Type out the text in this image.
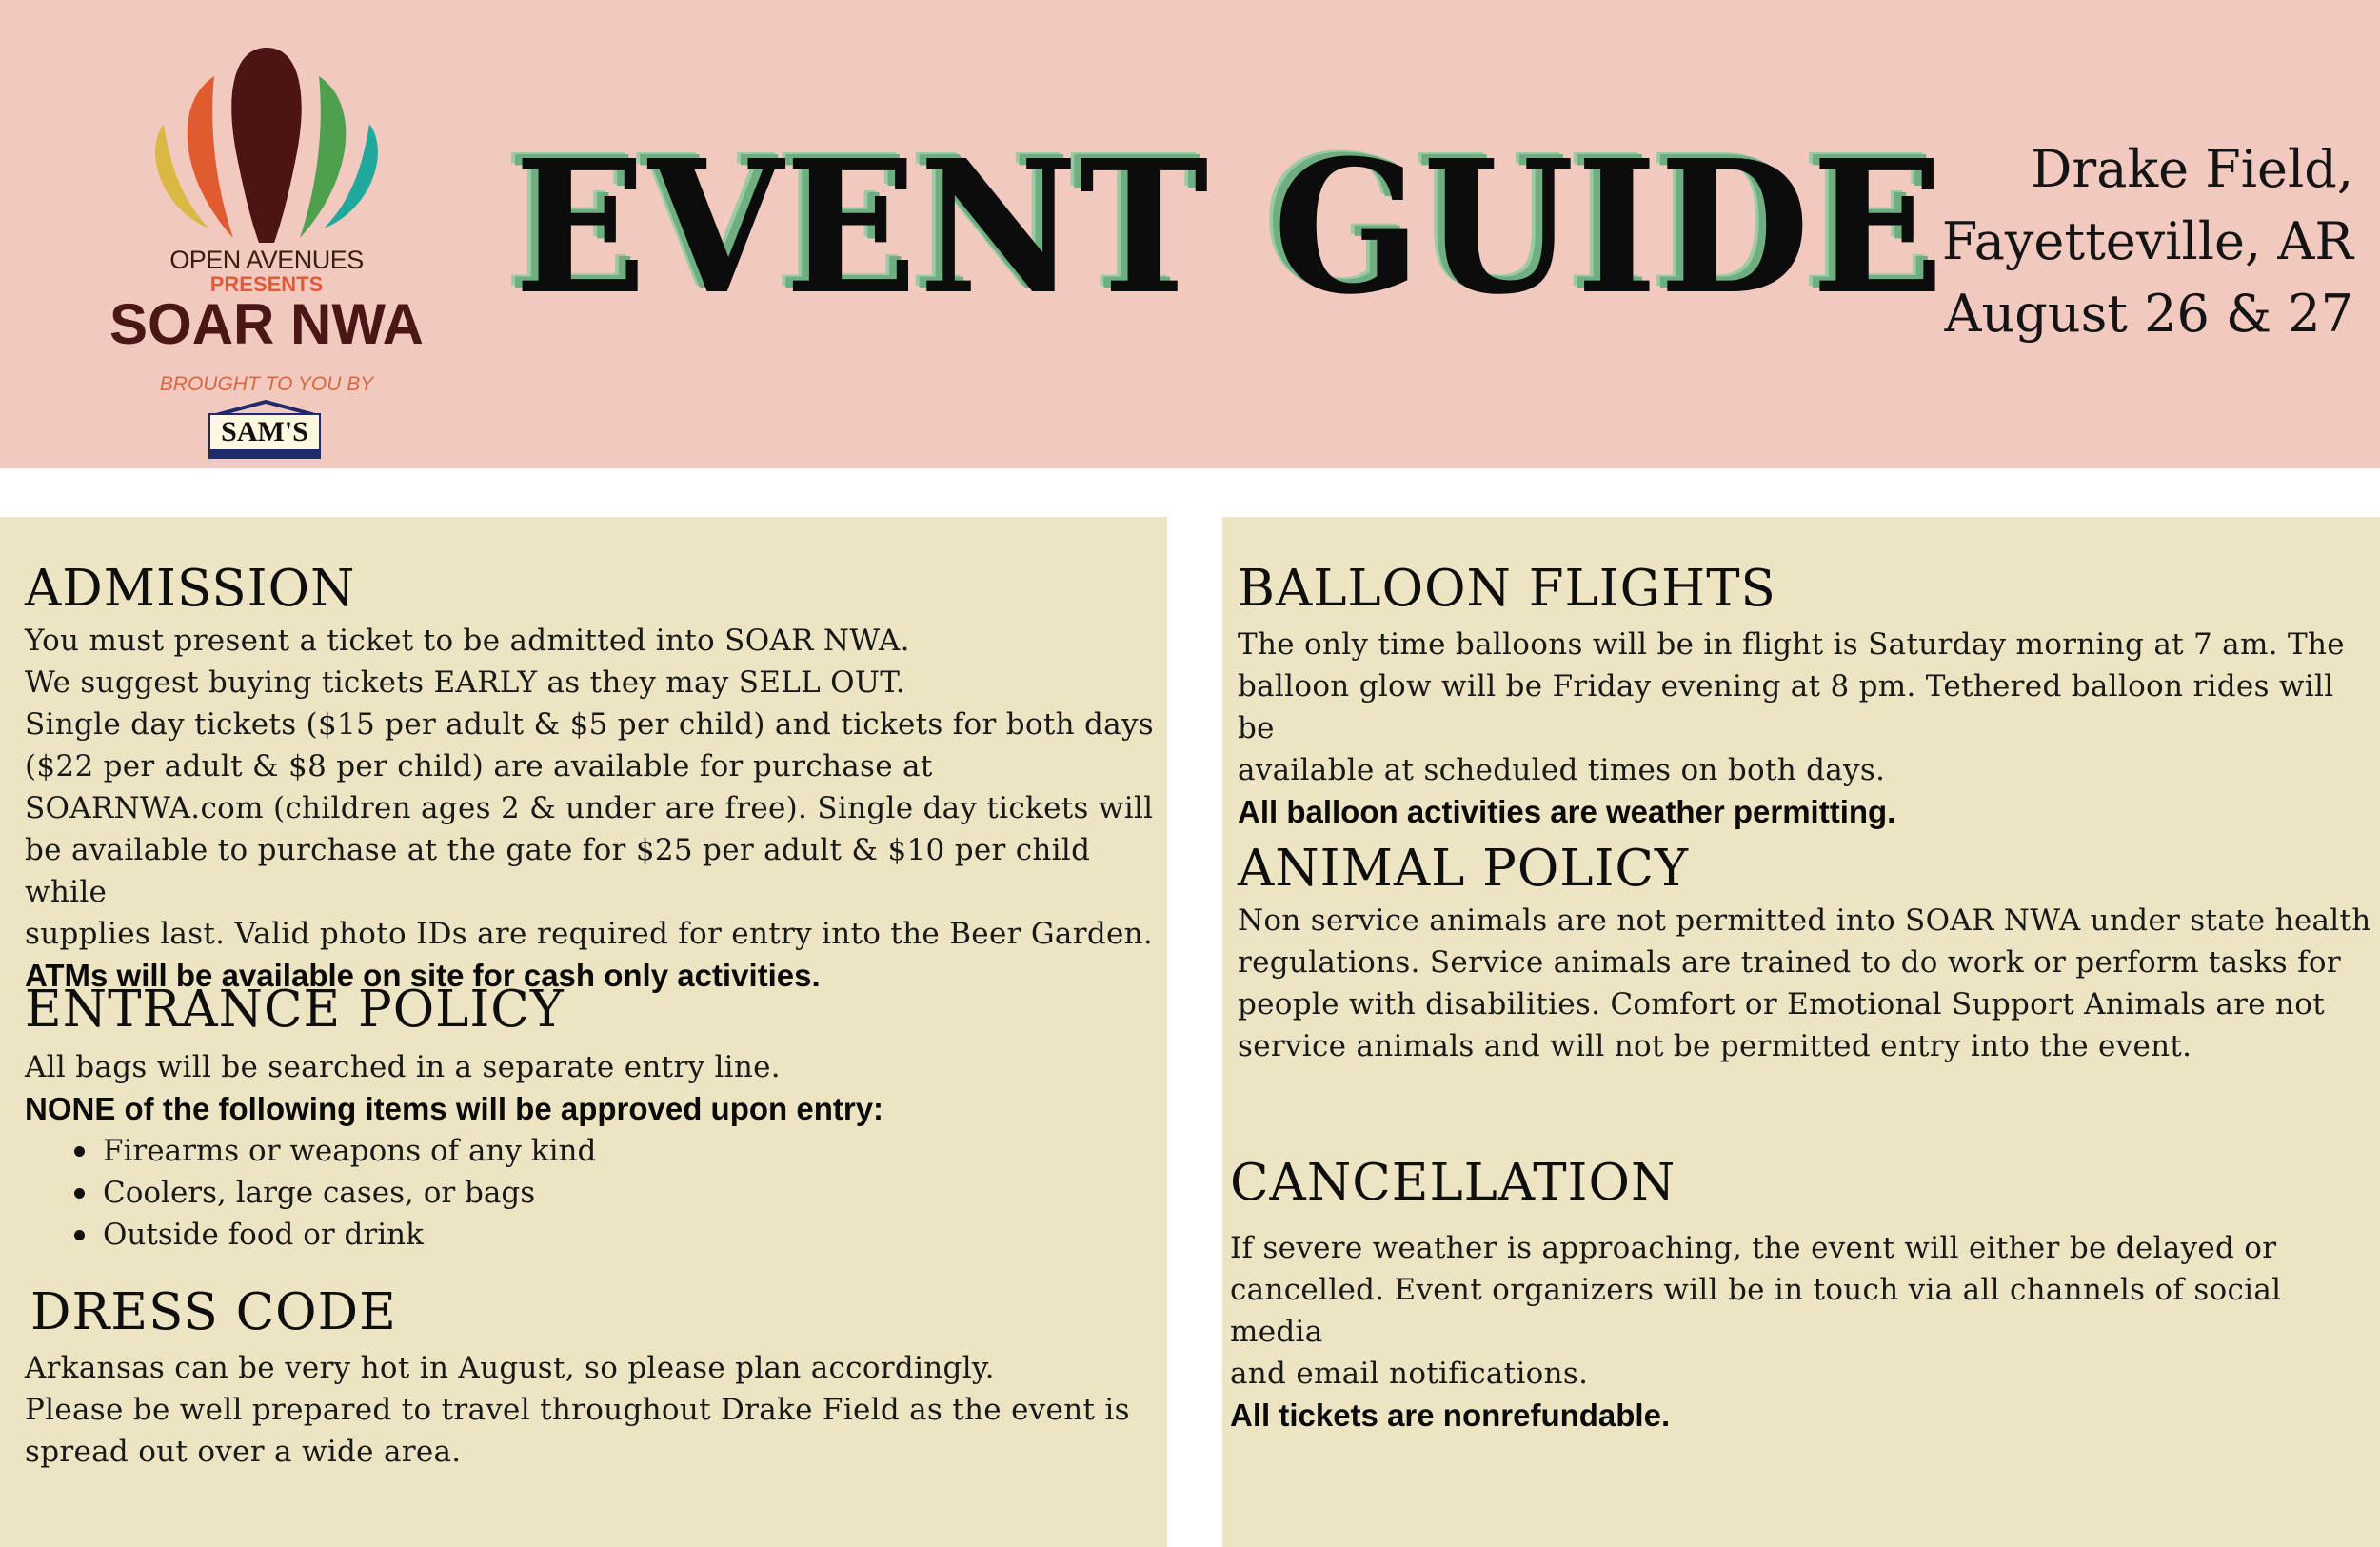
OPEN AVENUES
PRESENTS
SOAR NWA
BROUGHT TO YOU BY
SAM'S
EVENT GUIDE	Drake Field,
Fayetteville, AR
August 26 & 27
ADMISSION
You must present a ticket to be admitted into SOAR NWA.
We suggest buying tickets EARLY as they may SELL OUT.
Single day tickets ($15 per adult & $5 per child) and tickets for both days
($22 per adult & $8 per child) are available for purchase at
SOARNWA.com (children ages 2 & under are free). Single day tickets will
be available to purchase at the gate for $25 per adult & $10 per child while
supplies last. Valid photo IDs are required for entry into the Beer Garden.
ATMs will be available on site for cash only activities.
ENTRANCE POLICY
All bags will be searched in a separate entry line.
NONE of the following items will be approved upon entry:
Firearms or weapons of any kind
Coolers, large cases, or bags
Outside food or drink
DRESS CODE
Arkansas can be very hot in August, so please plan accordingly.
Please be well prepared to travel throughout Drake Field as the event is
spread out over a wide area.
BALLOON FLIGHTS
The only time balloons will be in flight is Saturday morning at 7 am. The
balloon glow will be Friday evening at 8 pm. Tethered balloon rides will be
available at scheduled times on both days.
All balloon activities are weather permitting.
ANIMAL POLICY
Non service animals are not permitted into SOAR NWA under state health
regulations. Service animals are trained to do work or perform tasks for
people with disabilities. Comfort or Emotional Support Animals are not
service animals and will not be permitted entry into the event.
CANCELLATION
If severe weather is approaching, the event will either be delayed or
cancelled. Event organizers will be in touch via all channels of social media
and email notifications.
All tickets are nonrefundable.
